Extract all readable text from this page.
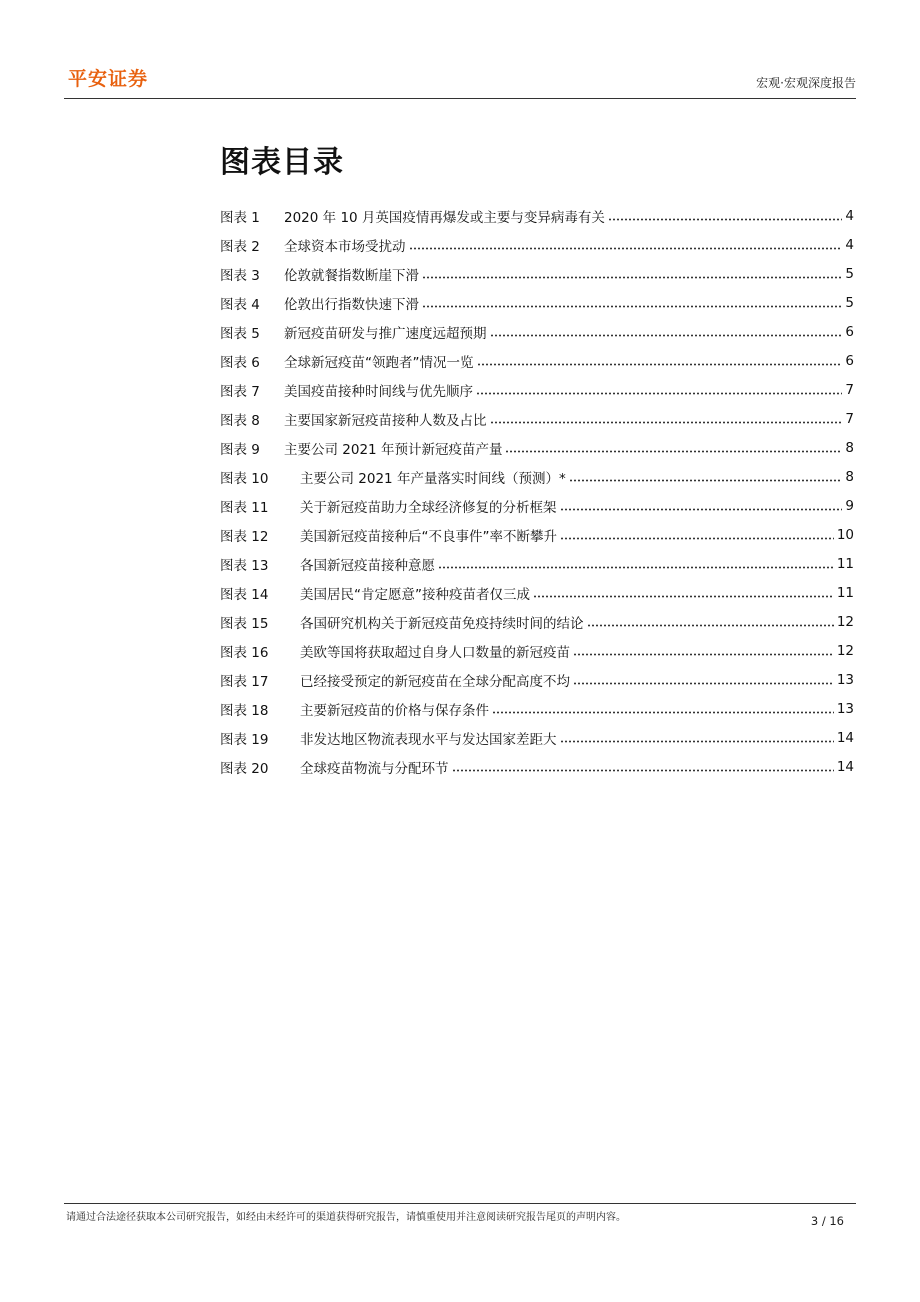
平安证券	宏观·宏观深度报告
图表目录
图表 1	2020 年 10 月英国疫情再爆发或主要与变异病毒有关	4
图表 2	全球资本市场受扰动	4
图表 3	伦敦就餐指数断崖下滑	5
图表 4	伦敦出行指数快速下滑	5
图表 5	新冠疫苗研发与推广速度远超预期	6
图表 6	全球新冠疫苗“领跑者”情况一览	6
图表 7	美国疫苗接种时间线与优先顺序	7
图表 8	主要国家新冠疫苗接种人数及占比	7
图表 9	主要公司 2021 年预计新冠疫苗产量	8
图表 10	主要公司 2021 年产量落实时间线（预测）*	8
图表 11	关于新冠疫苗助力全球经济修复的分析框架	9
图表 12	美国新冠疫苗接种后“不良事件”率不断攀升	10
图表 13	各国新冠疫苗接种意愿	11
图表 14	美国居民“肯定愿意”接种疫苗者仅三成	11
图表 15	各国研究机构关于新冠疫苗免疫持续时间的结论	12
图表 16	美欧等国将获取超过自身人口数量的新冠疫苗	12
图表 17	已经接受预定的新冠疫苗在全球分配高度不均	13
图表 18	主要新冠疫苗的价格与保存条件	13
图表 19	非发达地区物流表现水平与发达国家差距大	14
图表 20	全球疫苗物流与分配环节	14
请通过合法途径获取本公司研究报告，如经由未经许可的渠道获得研究报告，请慎重使用并注意阅读研究报告尾页的声明内容。	3 / 16
